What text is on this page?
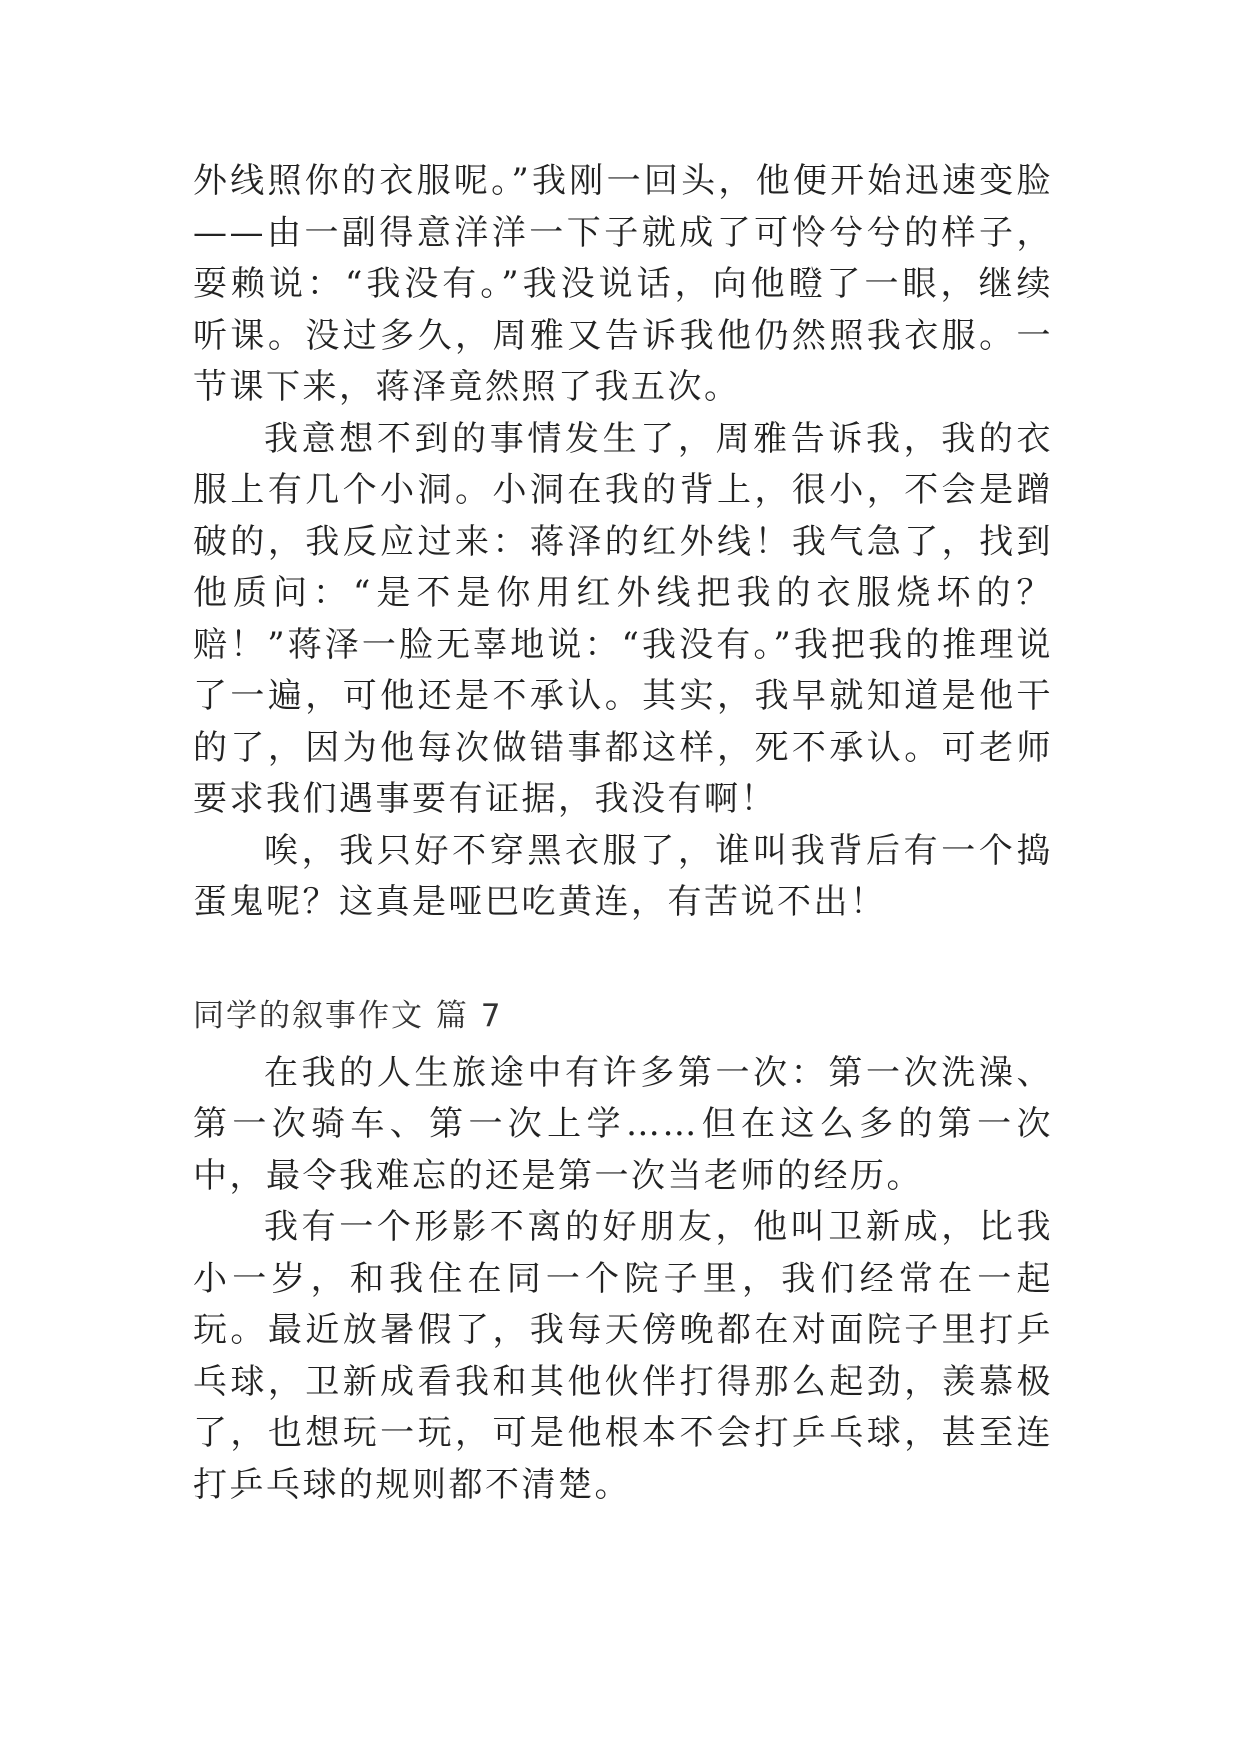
外线照你的衣服呢。”我刚一回头，他便开始迅速变脸——由一副得意洋洋一下子就成了可怜兮兮的样子，耍赖说：“我没有。”我没说话，向他瞪了一眼，继续听课。没过多久，周雅又告诉我他仍然照我衣服。一节课下来，蒋泽竟然照了我五次。

我意想不到的事情发生了，周雅告诉我，我的衣服上有几个小洞。小洞在我的背上，很小，不会是蹭破的，我反应过来：蒋泽的红外线！我气急了，找到他质问：“是不是你用红外线把我的衣服烧坏的？赔！”蒋泽一脸无辜地说：“我没有。”我把我的推理说了一遍，可他还是不承认。其实，我早就知道是他干的了，因为他每次做错事都这样，死不承认。可老师要求我们遇事要有证据，我没有啊！

唉，我只好不穿黑衣服了，谁叫我背后有一个捣蛋鬼呢？这真是哑巴吃黄连，有苦说不出！

同学的叙事作文 篇 7

在我的人生旅途中有许多第一次：第一次洗澡、第一次骑车、第一次上学……但在这么多的第一次中，最令我难忘的还是第一次当老师的经历。

我有一个形影不离的好朋友，他叫卫新成，比我小一岁，和我住在同一个院子里，我们经常在一起玩。最近放暑假了，我每天傍晚都在对面院子里打乒乓球，卫新成看我和其他伙伴打得那么起劲，羡慕极了，也想玩一玩，可是他根本不会打乒乓球，甚至连打乒乓球的规则都不清楚。
